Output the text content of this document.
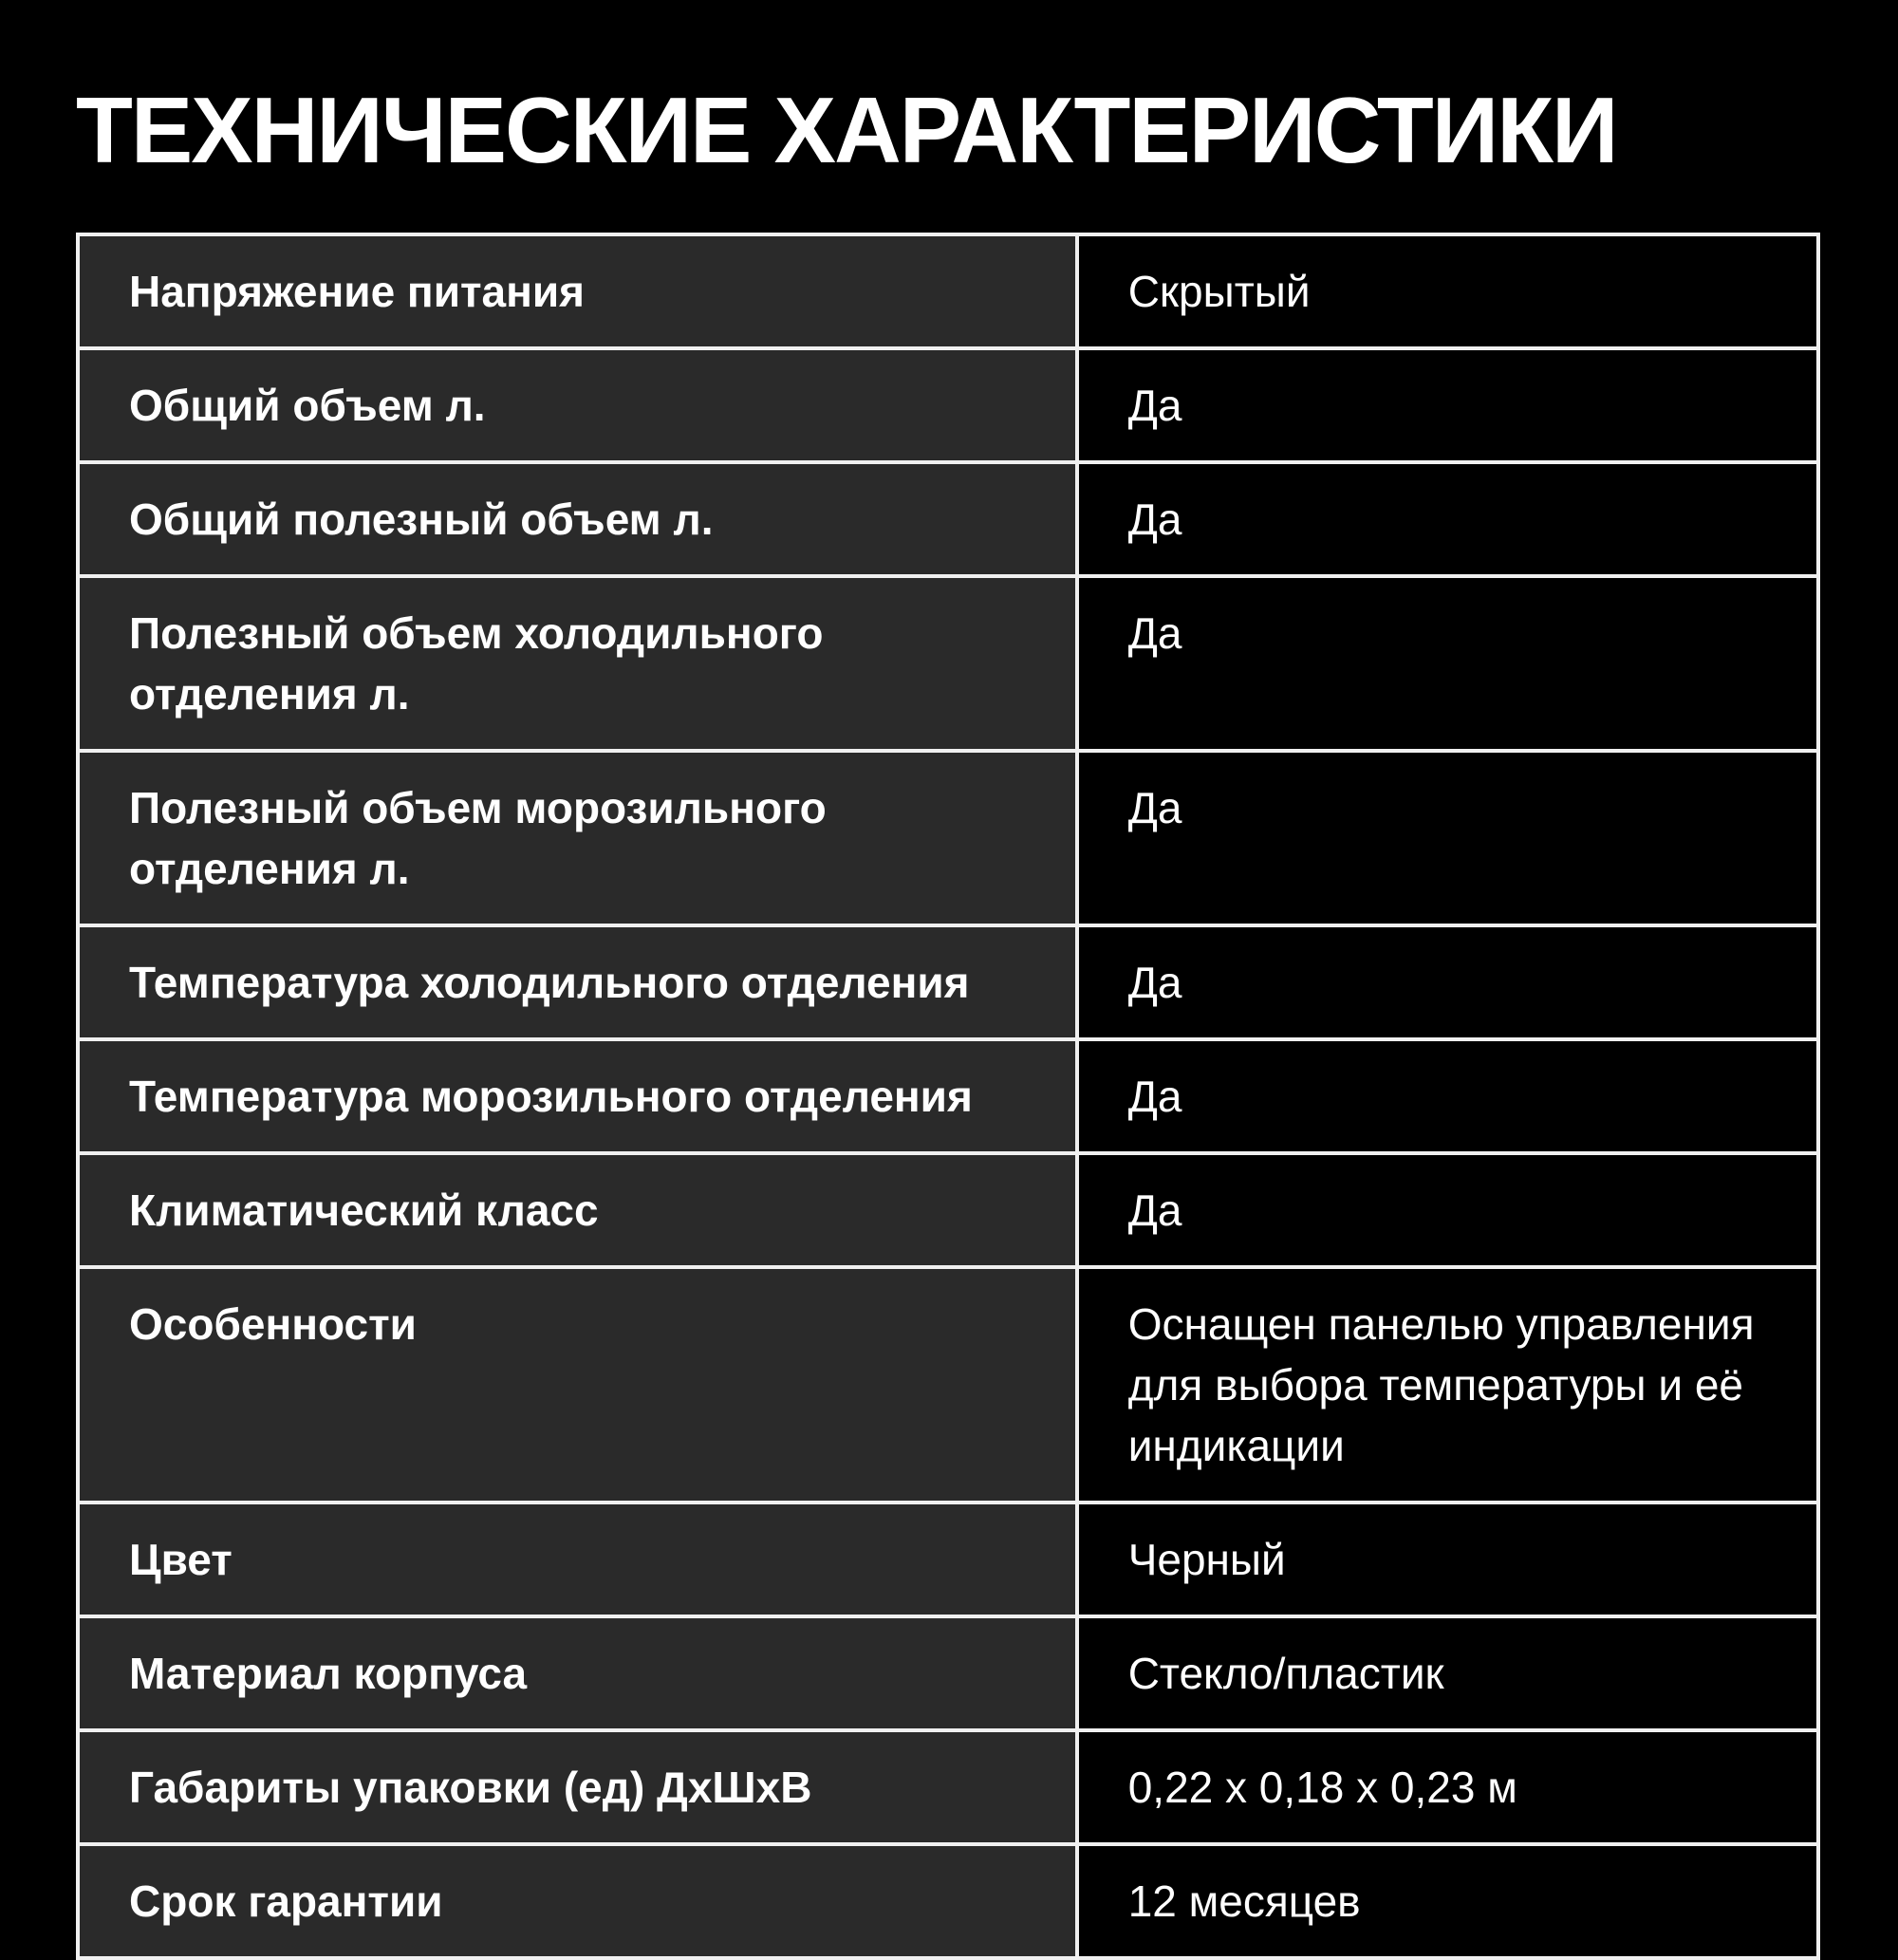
ТЕХНИЧЕСКИЕ ХАРАКТЕРИСТИКИ
Напряжение питания	Скрытый
Общий объем л.	Да
Общий полезный объем л.	Да
Полезный объем холодильного отделения л.	Да
Полезный объем морозильного отделения л.	Да
Температура холодильного отделения	Да
Температура морозильного отделения	Да
Климатический класс	Да
Особенности	Оснащен панелью управления для выбора температуры и её индикации
Цвет	Черный
Материал корпуса	Стекло/пластик
Габариты упаковки (ед) ДхШхВ	0,22 x 0,18 x 0,23 м
Срок гарантии	12 месяцев
